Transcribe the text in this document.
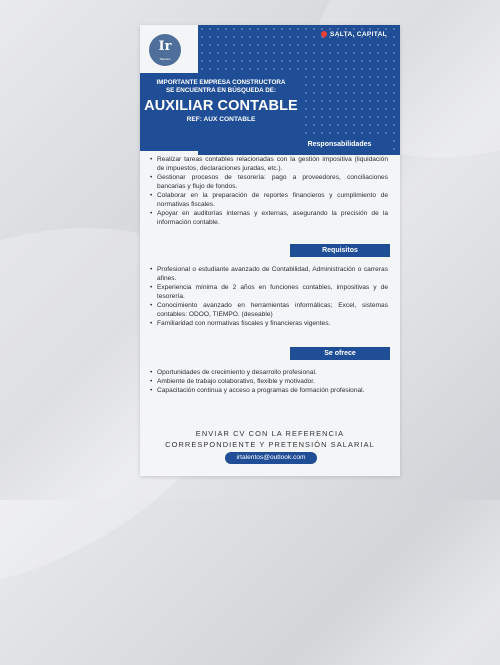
Ir
Talentos
SALTA, CAPITAL
IMPORTANTE EMPRESA CONSTRUCTORA
SE ENCUENTRA EN BÚSQUEDA DE:
AUXILIAR CONTABLE
REF: AUX CONTABLE
Responsabilidades
• Realizar tareas contables relacionadas con la gestión impositiva (liquidación de impuestos, declaraciones juradas, etc.).
• Gestionar procesos de tesorería: pago a proveedores, conciliaciones bancarias y flujo de fondos.
• Colaborar en la preparación de reportes financieros y cumplimiento de normativas fiscales.
• Apoyar en auditorías internas y externas, asegurando la precisión de la información contable.
Requisitos
• Profesional o estudiante avanzado de Contabilidad, Administración o carreras afines.
• Experiencia mínima de 2 años en funciones contables, impositivas y de tesorería.
• Conocimiento avanzado en herramientas informáticas; Excel, sistemas contables: ODOO, TIEMPO. (deseable)
• Familiaridad con normativas fiscales y financieras vigentes.
Se ofrece
• Oportunidades de crecimiento y desarrollo profesional.
• Ambiente de trabajo colaborativo, flexible y motivador.
• Capacitación continua y acceso a programas de formación profesional.
ENVIAR CV CON LA REFERENCIA
CORRESPONDIENTE Y PRETENSIÓN SALARIAL
irtalentos@outlook.com
